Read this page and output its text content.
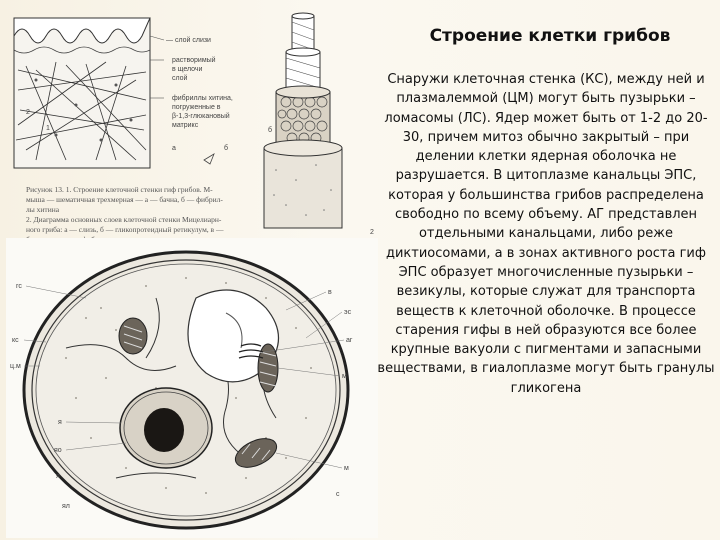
1
2
— слой слизи
растворимый
в щелочи
слой
фибриллы хитина,
погруженные в
β-1,3-глюкановый
матрикс
а	б
б
2
Рисунок 13. 1. Строение клеточной стенки гиф грибов. М-
мыша — шематичная трехмерная — а — бачна, б — фибрил-
лы хитина
2. Диаграмма основных слоев клеточной стенки Мицелиарн-
ного гриба: а — слизь, б — гликопротеидный ретикулум, в —
гс
кс
ц.м
я
яо
я
ял
в
эс
аг
м
м
с
Строение клетки грибов
Снаружи клеточная стенка (КС), между ней и плазмалеммой (ЦМ) могут быть пузырьки – ломасомы (ЛС). Ядер может быть от 1-2 до 20-30, причем митоз обычно закрытый – при делении клетки ядерная оболочка не разрушается. В цитоплазме канальцы ЭПС, которая у большинства грибов распределена свободно по всему объему. АГ представлен отдельными канальцами, либо реже диктиосомами, а в зонах активного роста гиф ЭПС образует многочисленные пузырьки – везикулы, которые служат для транспорта веществ к клеточной оболочке. В процессе старения гифы в ней образуются все более крупные вакуоли с пигментами и запасными веществами, в гиалоплазме могут быть гранулы гликогена
